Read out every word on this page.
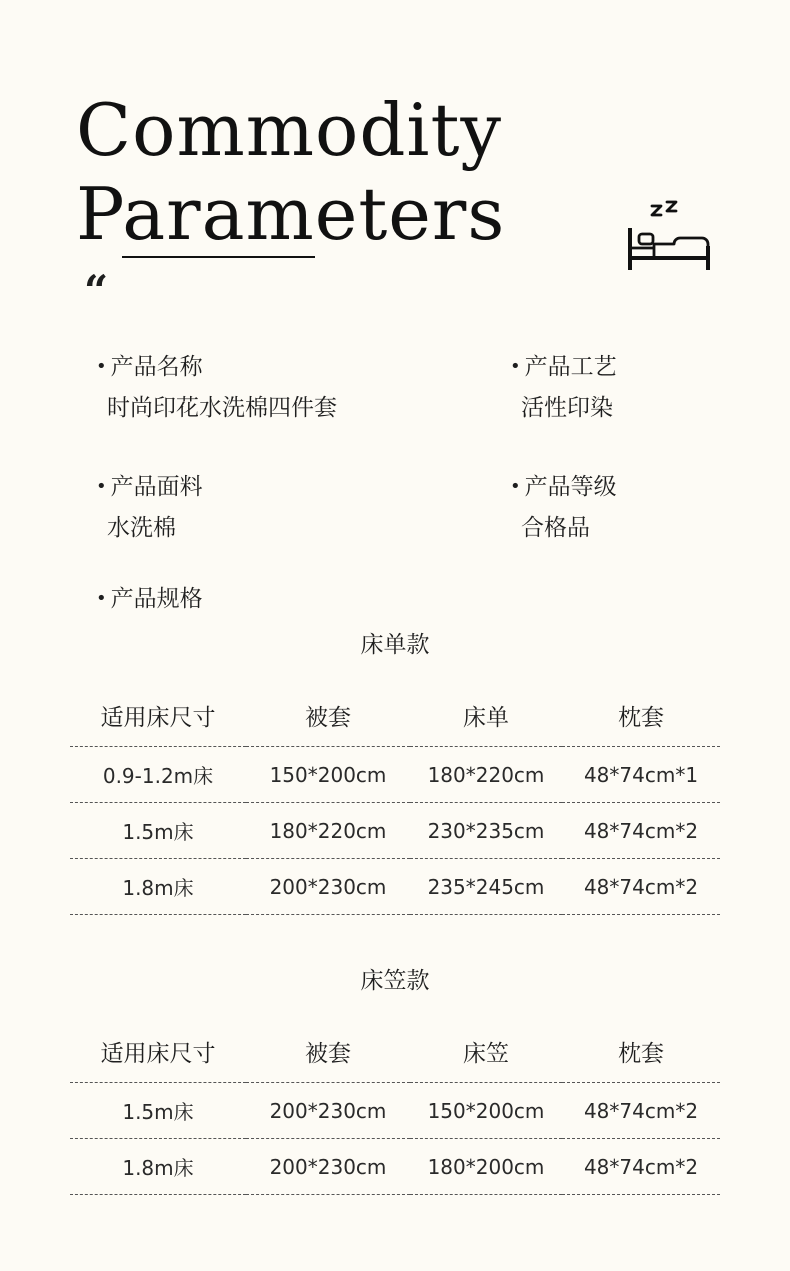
Commodity
Parameters
“
• 产品名称
时尚印花水洗棉四件套
• 产品工艺
活性印染
• 产品面料
水洗棉
• 产品等级
合格品
• 产品规格
床单款
适用床尺寸	被套	床单	枕套
0.9-1.2m床	150*200cm	180*220cm	48*74cm*1
1.5m床	180*220cm	230*235cm	48*74cm*2
1.8m床	200*230cm	235*245cm	48*74cm*2
床笠款
适用床尺寸	被套	床笠	枕套
1.5m床	200*230cm	150*200cm	48*74cm*2
1.8m床	200*230cm	180*200cm	48*74cm*2
